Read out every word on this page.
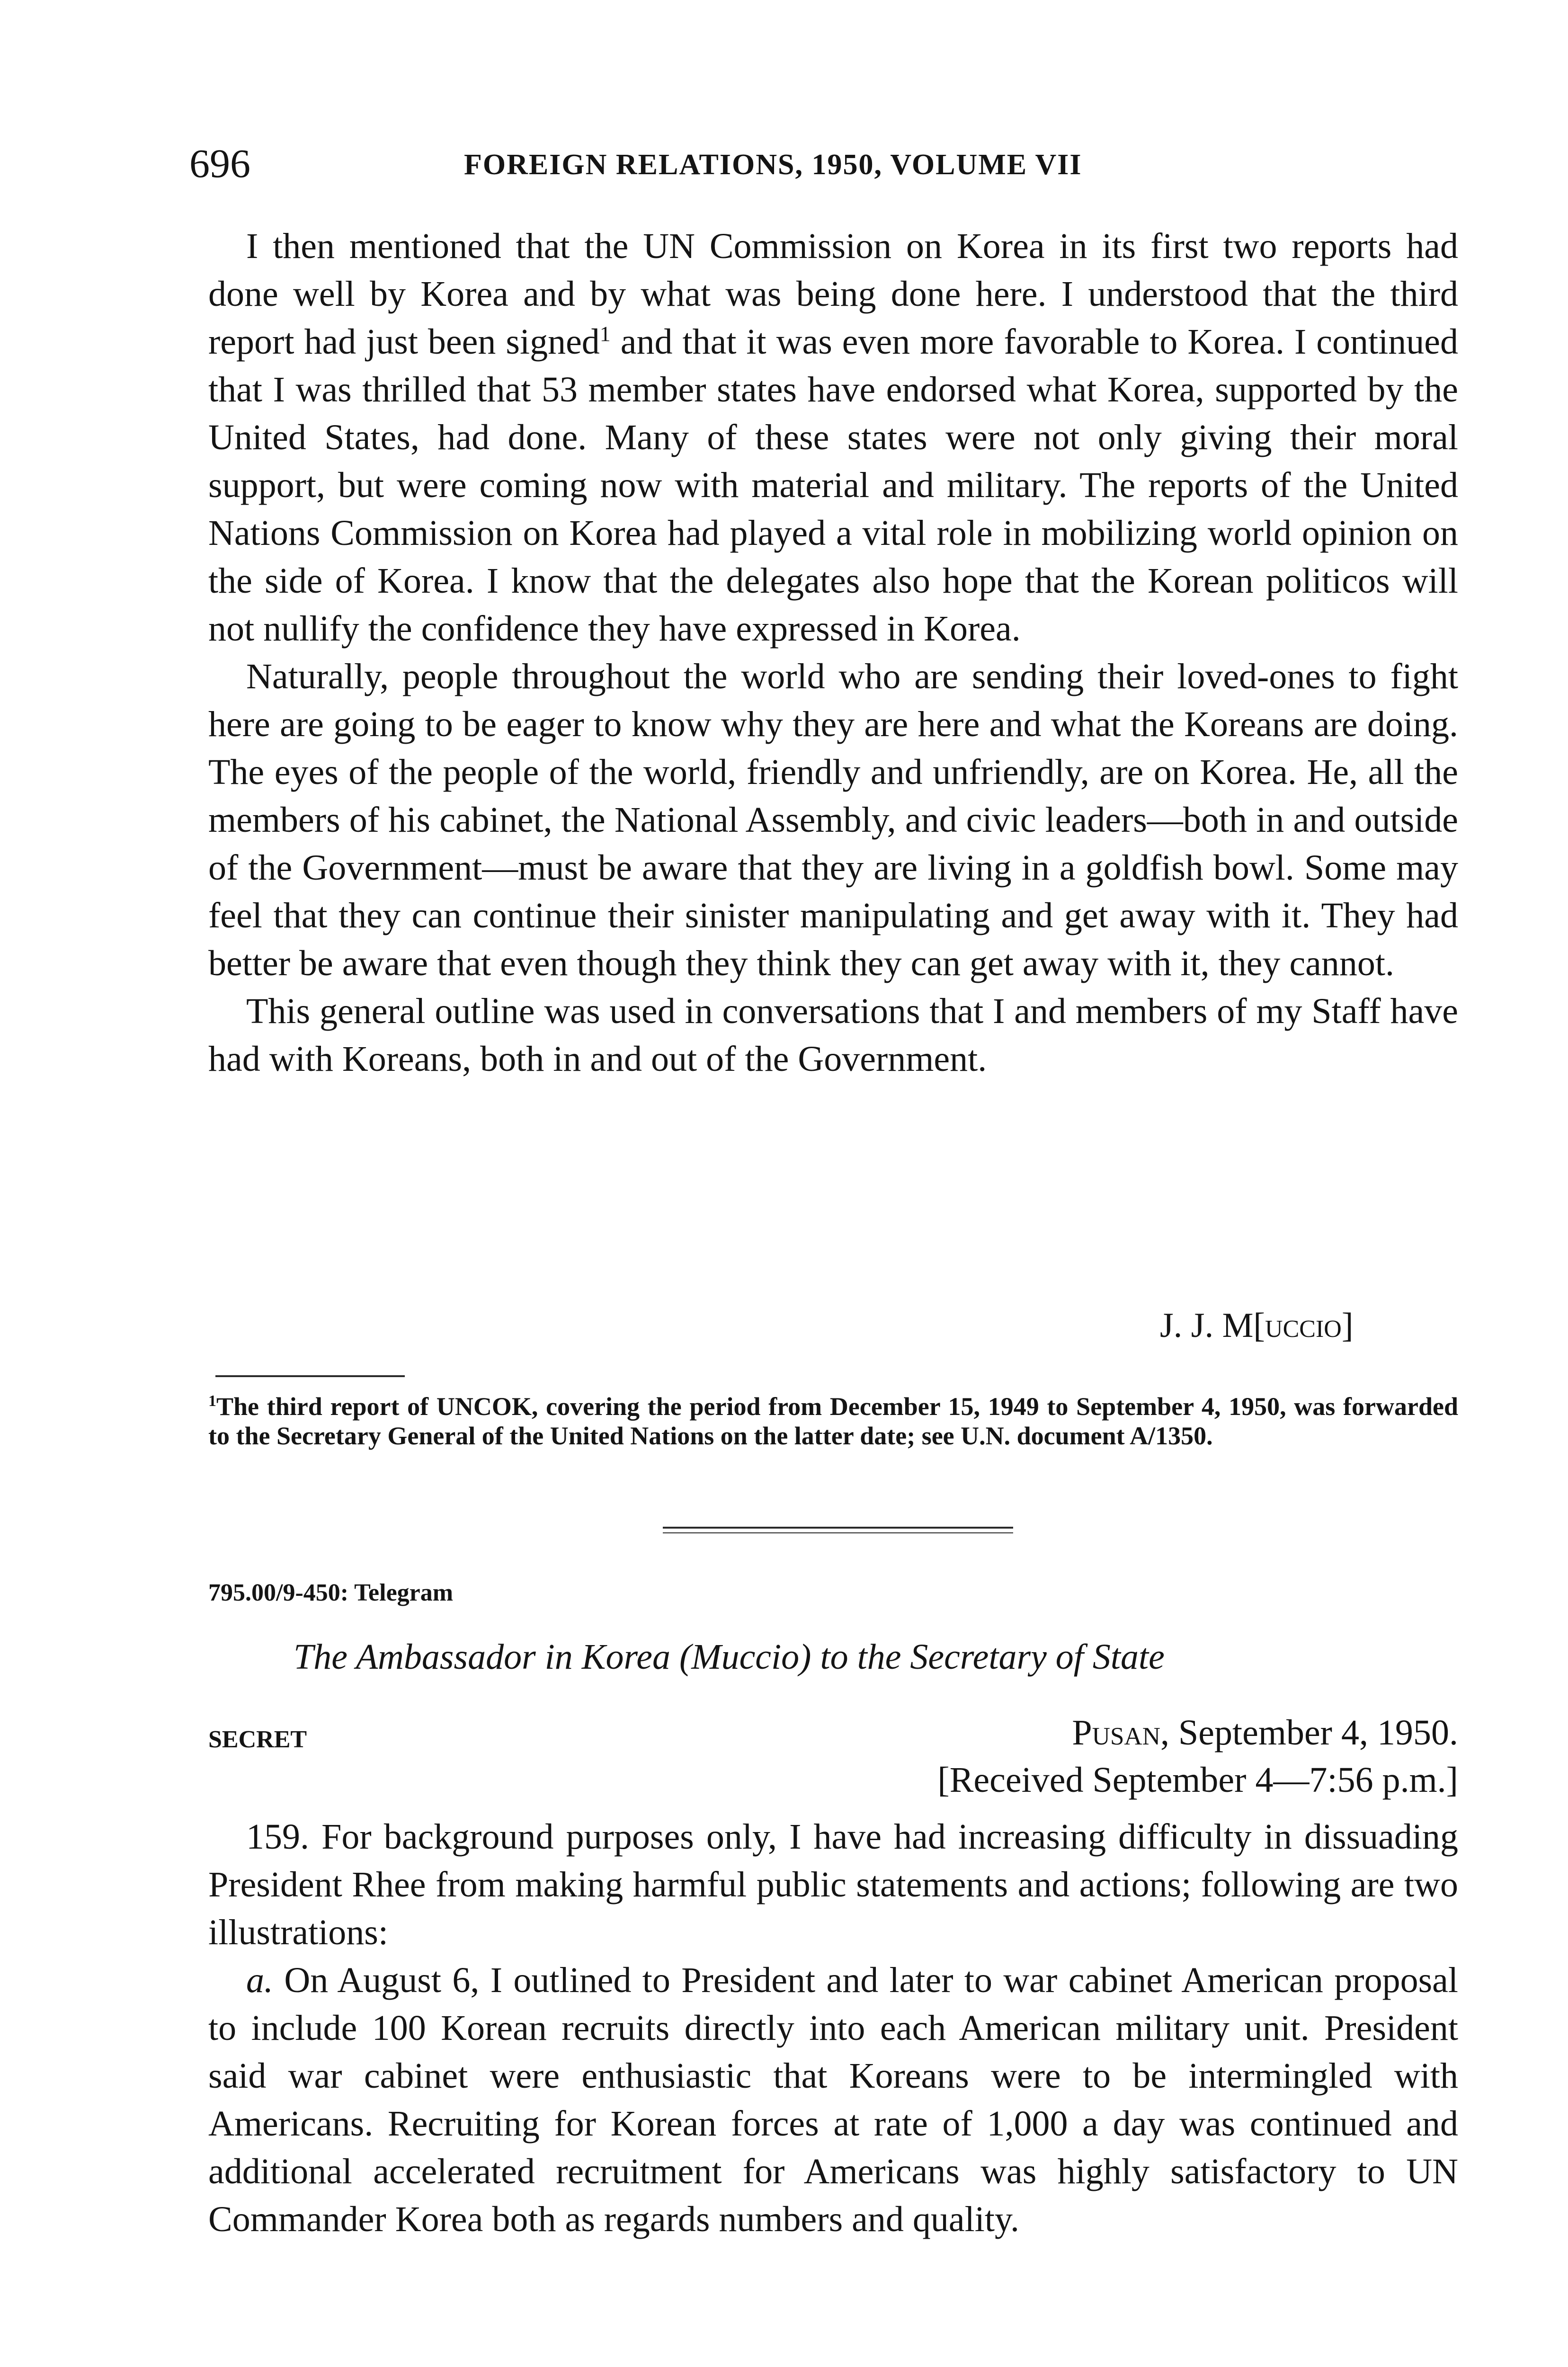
696	FOREIGN RELATIONS, 1950, VOLUME VII

I then mentioned that the UN Commission on Korea in its first two reports had done well by Korea and by what was being done here. I understood that the third report had just been signed$^1$ and that it was even more favorable to Korea. I continued that I was thrilled that 53 member states have endorsed what Korea, supported by the United States, had done. Many of these states were not only giving their moral support, but were coming now with material and military. The reports of the United Nations Commission on Korea had played a vital role in mobilizing world opinion on the side of Korea. I know that the delegates also hope that the Korean politicos will not nullify the confidence they have expressed in Korea.

Naturally, people throughout the world who are sending their loved-ones to fight here are going to be eager to know why they are here and what the Koreans are doing. The eyes of the people of the world, friendly and unfriendly, are on Korea. He, all the members of his cabinet, the National Assembly, and civic leaders—both in and outside of the Government—must be aware that they are living in a goldfish bowl. Some may feel that they can continue their sinister manipulating and get away with it. They had better be aware that even though they think they can get away with it, they cannot.

This general outline was used in conversations that I and members of my Staff have had with Koreans, both in and out of the Government.

J. J. M[uccio]
$^1$The third report of UNCOK, covering the period from December 15, 1949 to September 4, 1950, was forwarded to the Secretary General of the United Nations on the latter date; see U.N. document A/1350.
795.00/9-450: Telegram
The Ambassador in Korea (Muccio) to the Secretary of State
SECRET	Pusan, September 4, 1950.
[Received September 4—7:56 p.m.]

159. For background purposes only, I have had increasing difficulty in dissuading President Rhee from making harmful public statements and actions; following are two illustrations:

a. On August 6, I outlined to President and later to war cabinet American proposal to include 100 Korean recruits directly into each American military unit. President said war cabinet were enthusiastic that Koreans were to be intermingled with Americans. Recruiting for Korean forces at rate of 1,000 a day was continued and additional accelerated recruitment for Americans was highly satisfactory to UN Commander Korea both as regards numbers and quality.
